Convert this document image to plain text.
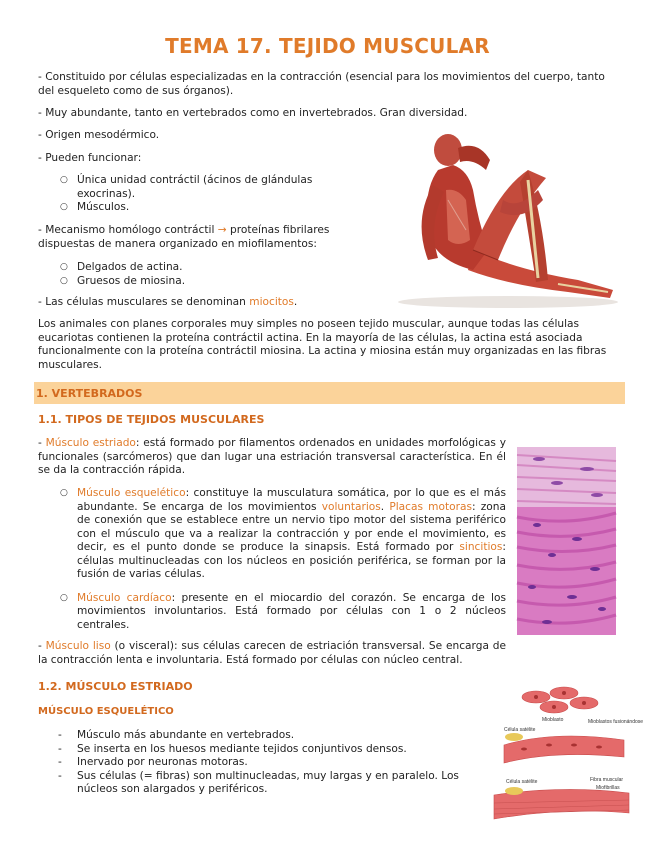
TEMA 17. TEJIDO MUSCULAR

- Constituido por células especializadas en la contracción (esencial para los movimientos del cuerpo, tanto del esqueleto como de sus órganos).

- Muy abundante, tanto en vertebrados como en invertebrados. Gran diversidad.

- Origen mesodérmico.

- Pueden funcionar:

○ Única unidad contráctil (ácinos de glándulas exocrinas).
○ Músculos.

- Mecanismo homólogo contráctil → proteínas fibrilares dispuestas de manera organizado en miofilamentos:

○ Delgados de actina.
○ Gruesos de miosina.

- Las células musculares se denominan miocitos.

Los animales con planes corporales muy simples no poseen tejido muscular, aunque todas las células eucariotas contienen la proteína contráctil actina. En la mayoría de las células, la actina está asociada funcionalmente con la proteína contráctil miosina. La actina y miosina están muy organizadas en las fibras musculares.

1. VERTEBRADOS
1.1. TIPOS DE TEJIDOS MUSCULARES

- Músculo estriado: está formado por filamentos ordenados en unidades morfológicas y funcionales (sarcómeros) que dan lugar una estriación transversal característica. En él se da la contracción rápida.

○ Músculo esquelético: constituye la musculatura somática, por lo que es el más abundante. Se encarga de los movimientos voluntarios. Placas motoras: zona de conexión que se establece entre un nervio tipo motor del sistema periférico con el músculo que va a realizar la contracción y por ende el movimiento, es decir, es el punto donde se produce la sinapsis. Está formado por sincitios: células multinucleadas con los núcleos en posición periférica, se forman por la fusión de varias células.
○ Músculo cardíaco: presente en el miocardio del corazón. Se encarga de los movimientos involuntarios. Está formado por células con 1 o 2 núcleos centrales.

- Músculo liso (o visceral): sus células carecen de estriación transversal. Se encarga de la contracción lenta e involuntaria. Está formado por células con núcleo central.

1.2. MÚSCULO ESTRIADO
MÚSCULO ESQUELÉTICO
- Músculo más abundante en vertebrados.
- Se inserta en los huesos mediante tejidos conjuntivos densos.
- Inervado por neuronas motoras.
- Sus células (= fibras) son multinucleadas, muy largas y en paralelo. Los núcleos son alargados y periféricos.
Mioblasto
Célula satélite
Mioblastos fusionándose
Célula satélite	Fibra muscular
Miofibrillas
